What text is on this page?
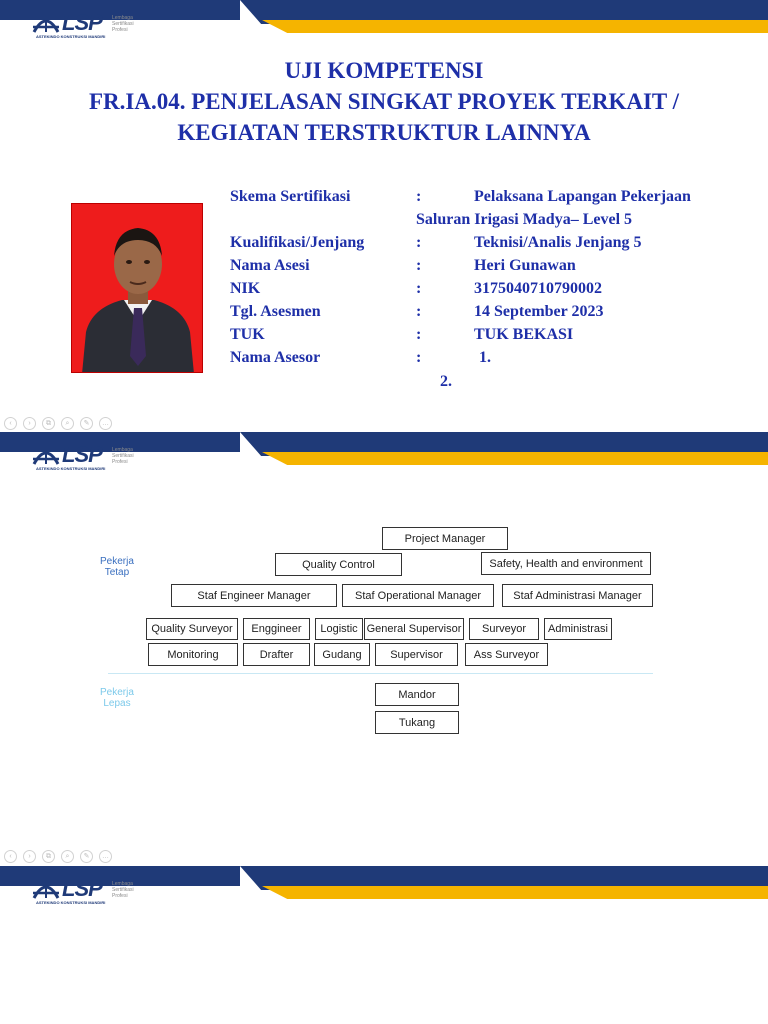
LSP Lembaga Sertifikasi Profesi
ASTEKINDO KONSTRUKSI MANDIRI
UJI KOMPETENSI
FR.IA.04. PENJELASAN SINGKAT PROYEK TERKAIT /
KEGIATAN TERSTRUKTUR LAINNYA
Skema Sertifikasi	:	Pelaksana Lapangan Pekerjaan
Saluran Irigasi Madya– Level 5
Kualifikasi/Jenjang	:	Teknisi/Analis Jenjang 5
Nama Asesi	:	Heri Gunawan
NIK	:	3175040710790002
Tgl. Asesmen	:	14 September 2023
TUK	:	TUK BEKASI
Nama Asesor	:	1.
2.
‹	›	⧉	⌕	✎	…
LSP Lembaga Sertifikasi Profesi
ASTEKINDO KONSTRUKSI MANDIRI
Pekerja
Tetap
Pekerja
Lepas
Project Manager
Quality Control	Safety, Health and environment
Staf Engineer Manager	Staf Operational Manager	Staf Administrasi Manager
Quality Surveyor	Enggineer	Logistic General Supervisor	Surveyor	Administrasi
Monitoring	Drafter	Gudang	Supervisor	Ass Surveyor
Mandor
Tukang
‹	›	⧉	⌕	✎	…
LSP Lembaga Sertifikasi Profesi
ASTEKINDO KONSTRUKSI MANDIRI
